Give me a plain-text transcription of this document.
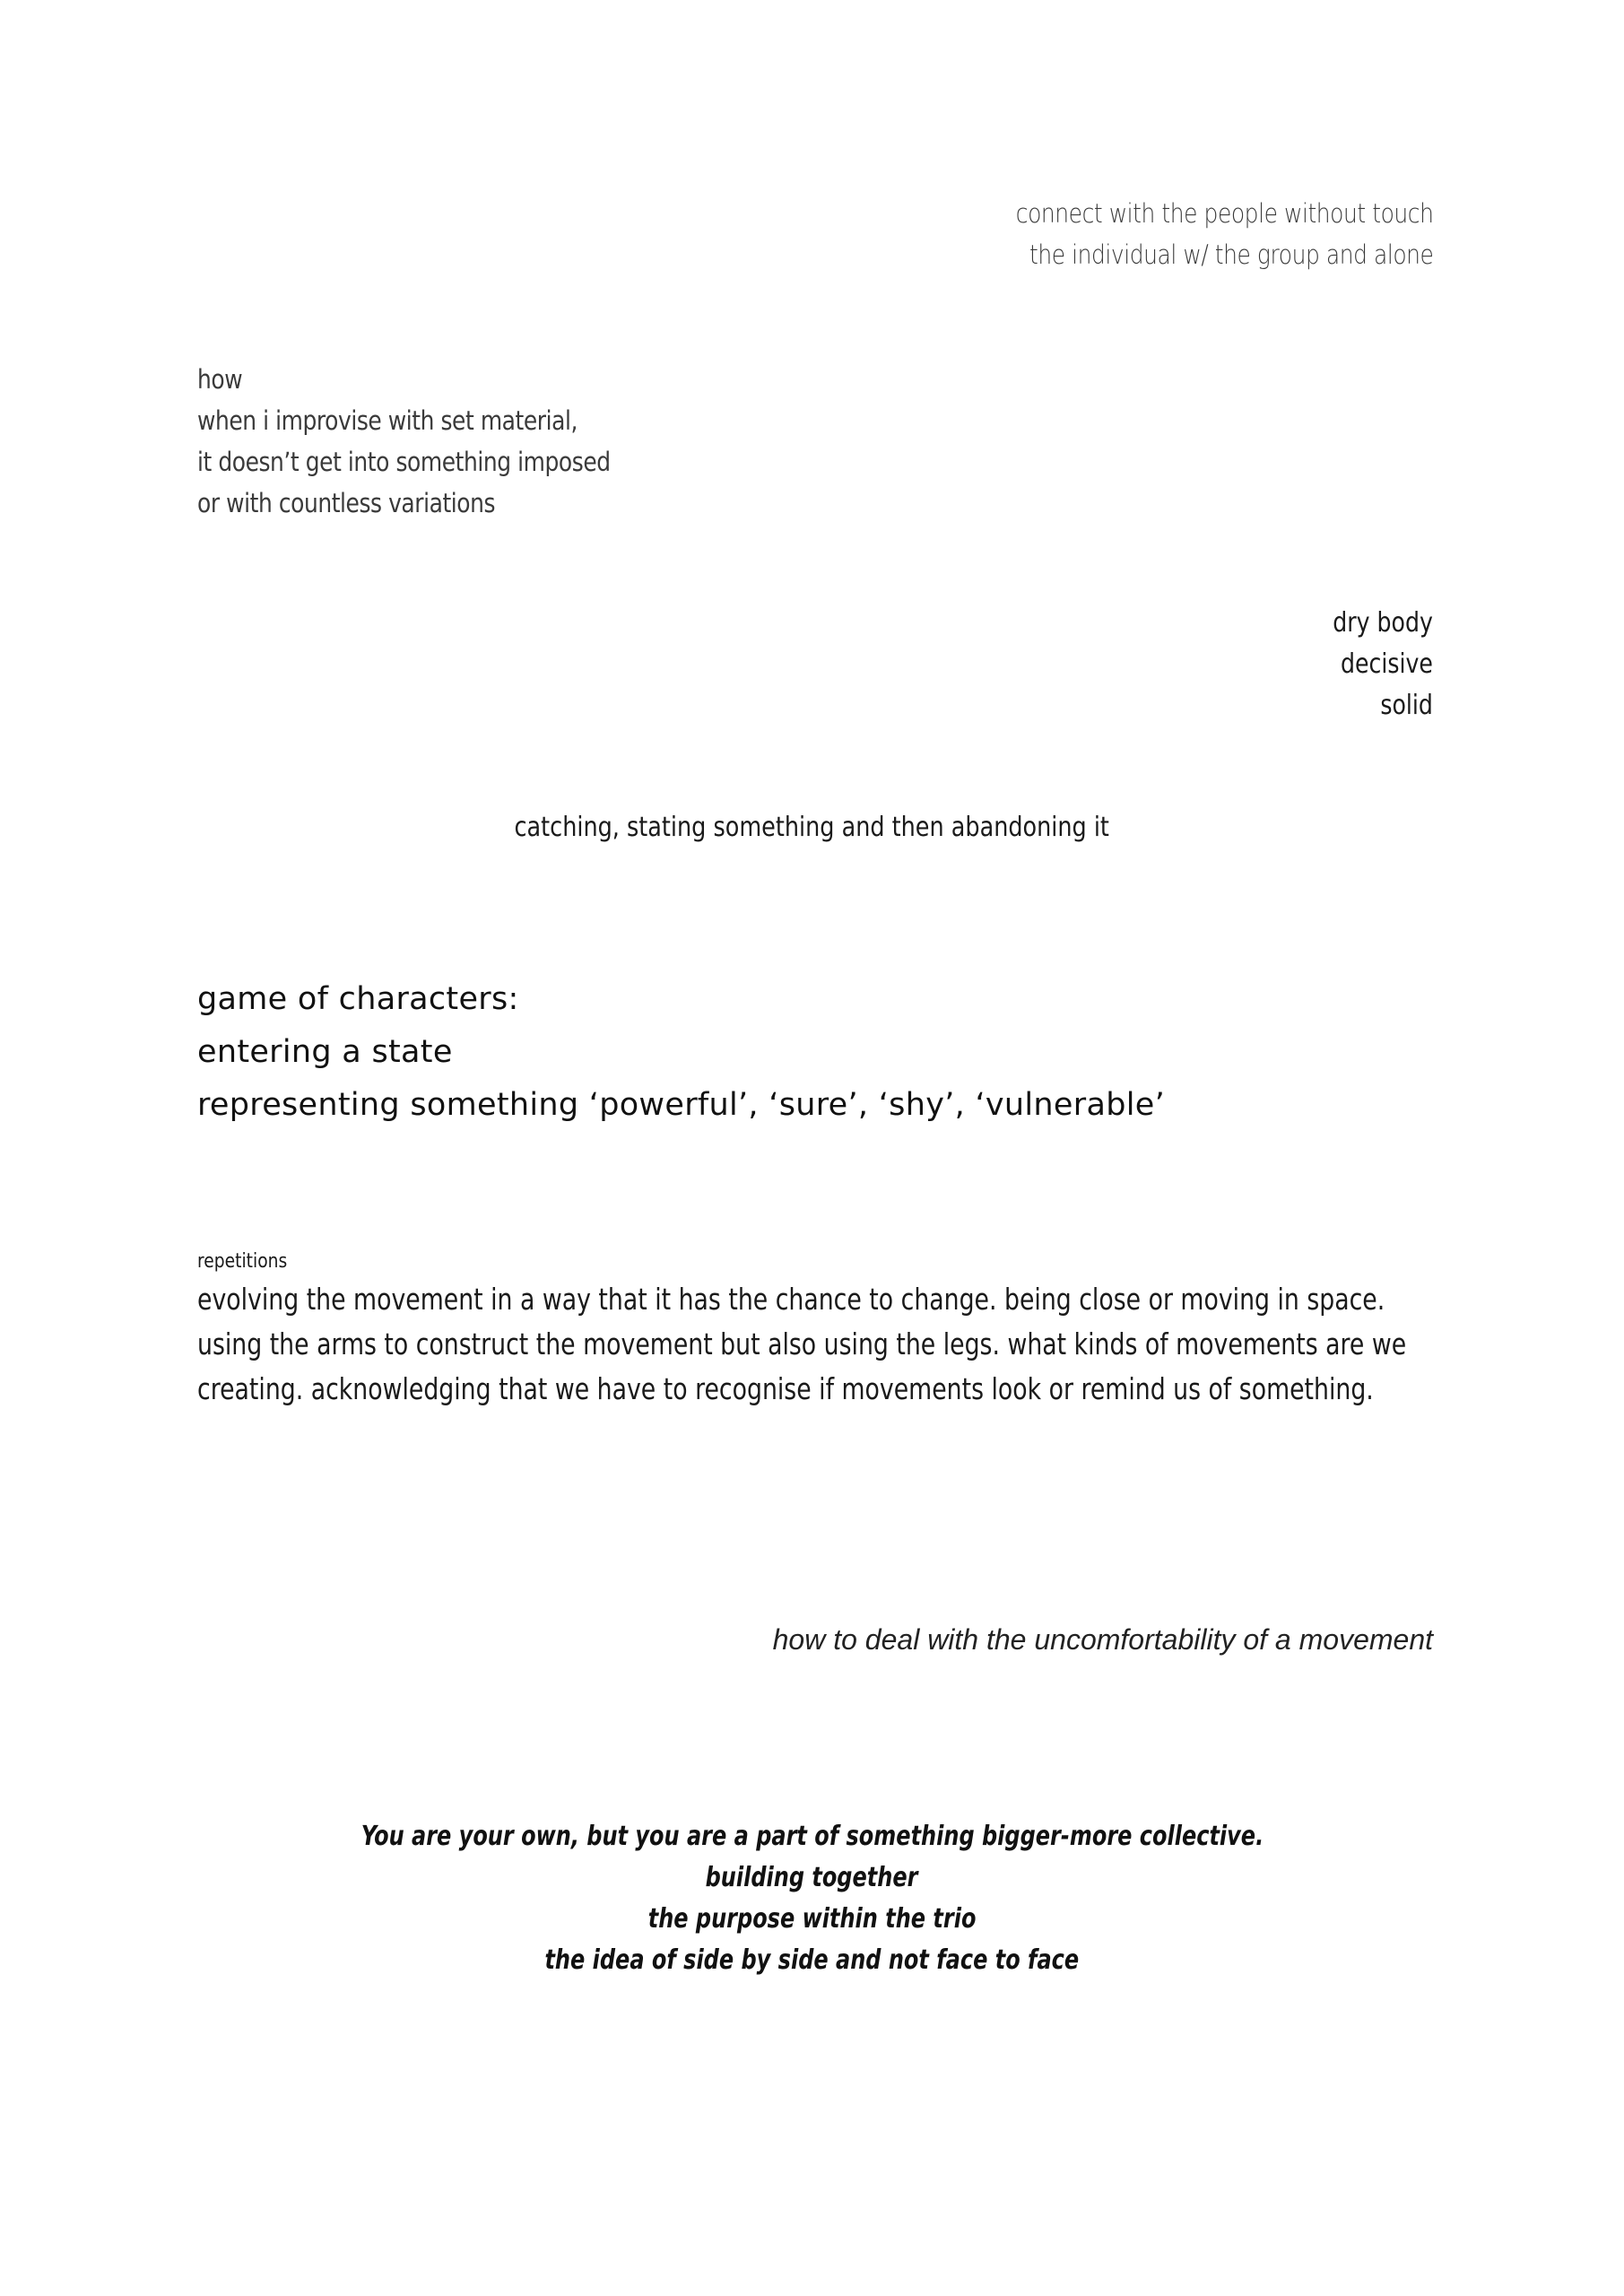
connect with the people without touch
the individual w/ the group and alone
how
when i improvise with set material,
it doesn’t get into something imposed
or with countless variations
dry body
decisive
solid
catching, stating something and then abandoning it
game of characters:
entering a state
representing something ‘powerful’, ‘sure’, ‘shy’, ‘vulnerable’
repetitions
evolving the movement in a way that it has the chance to change. being close or moving in space.
using the arms to construct the movement but also using the legs. what kinds of movements are we
creating. acknowledging that we have to recognise if movements look or remind us of something.
how to deal with the uncomfortability of a movement
You are your own, but you are a part of something bigger-more collective.
building together
the purpose within the trio
the idea of side by side and not face to face
